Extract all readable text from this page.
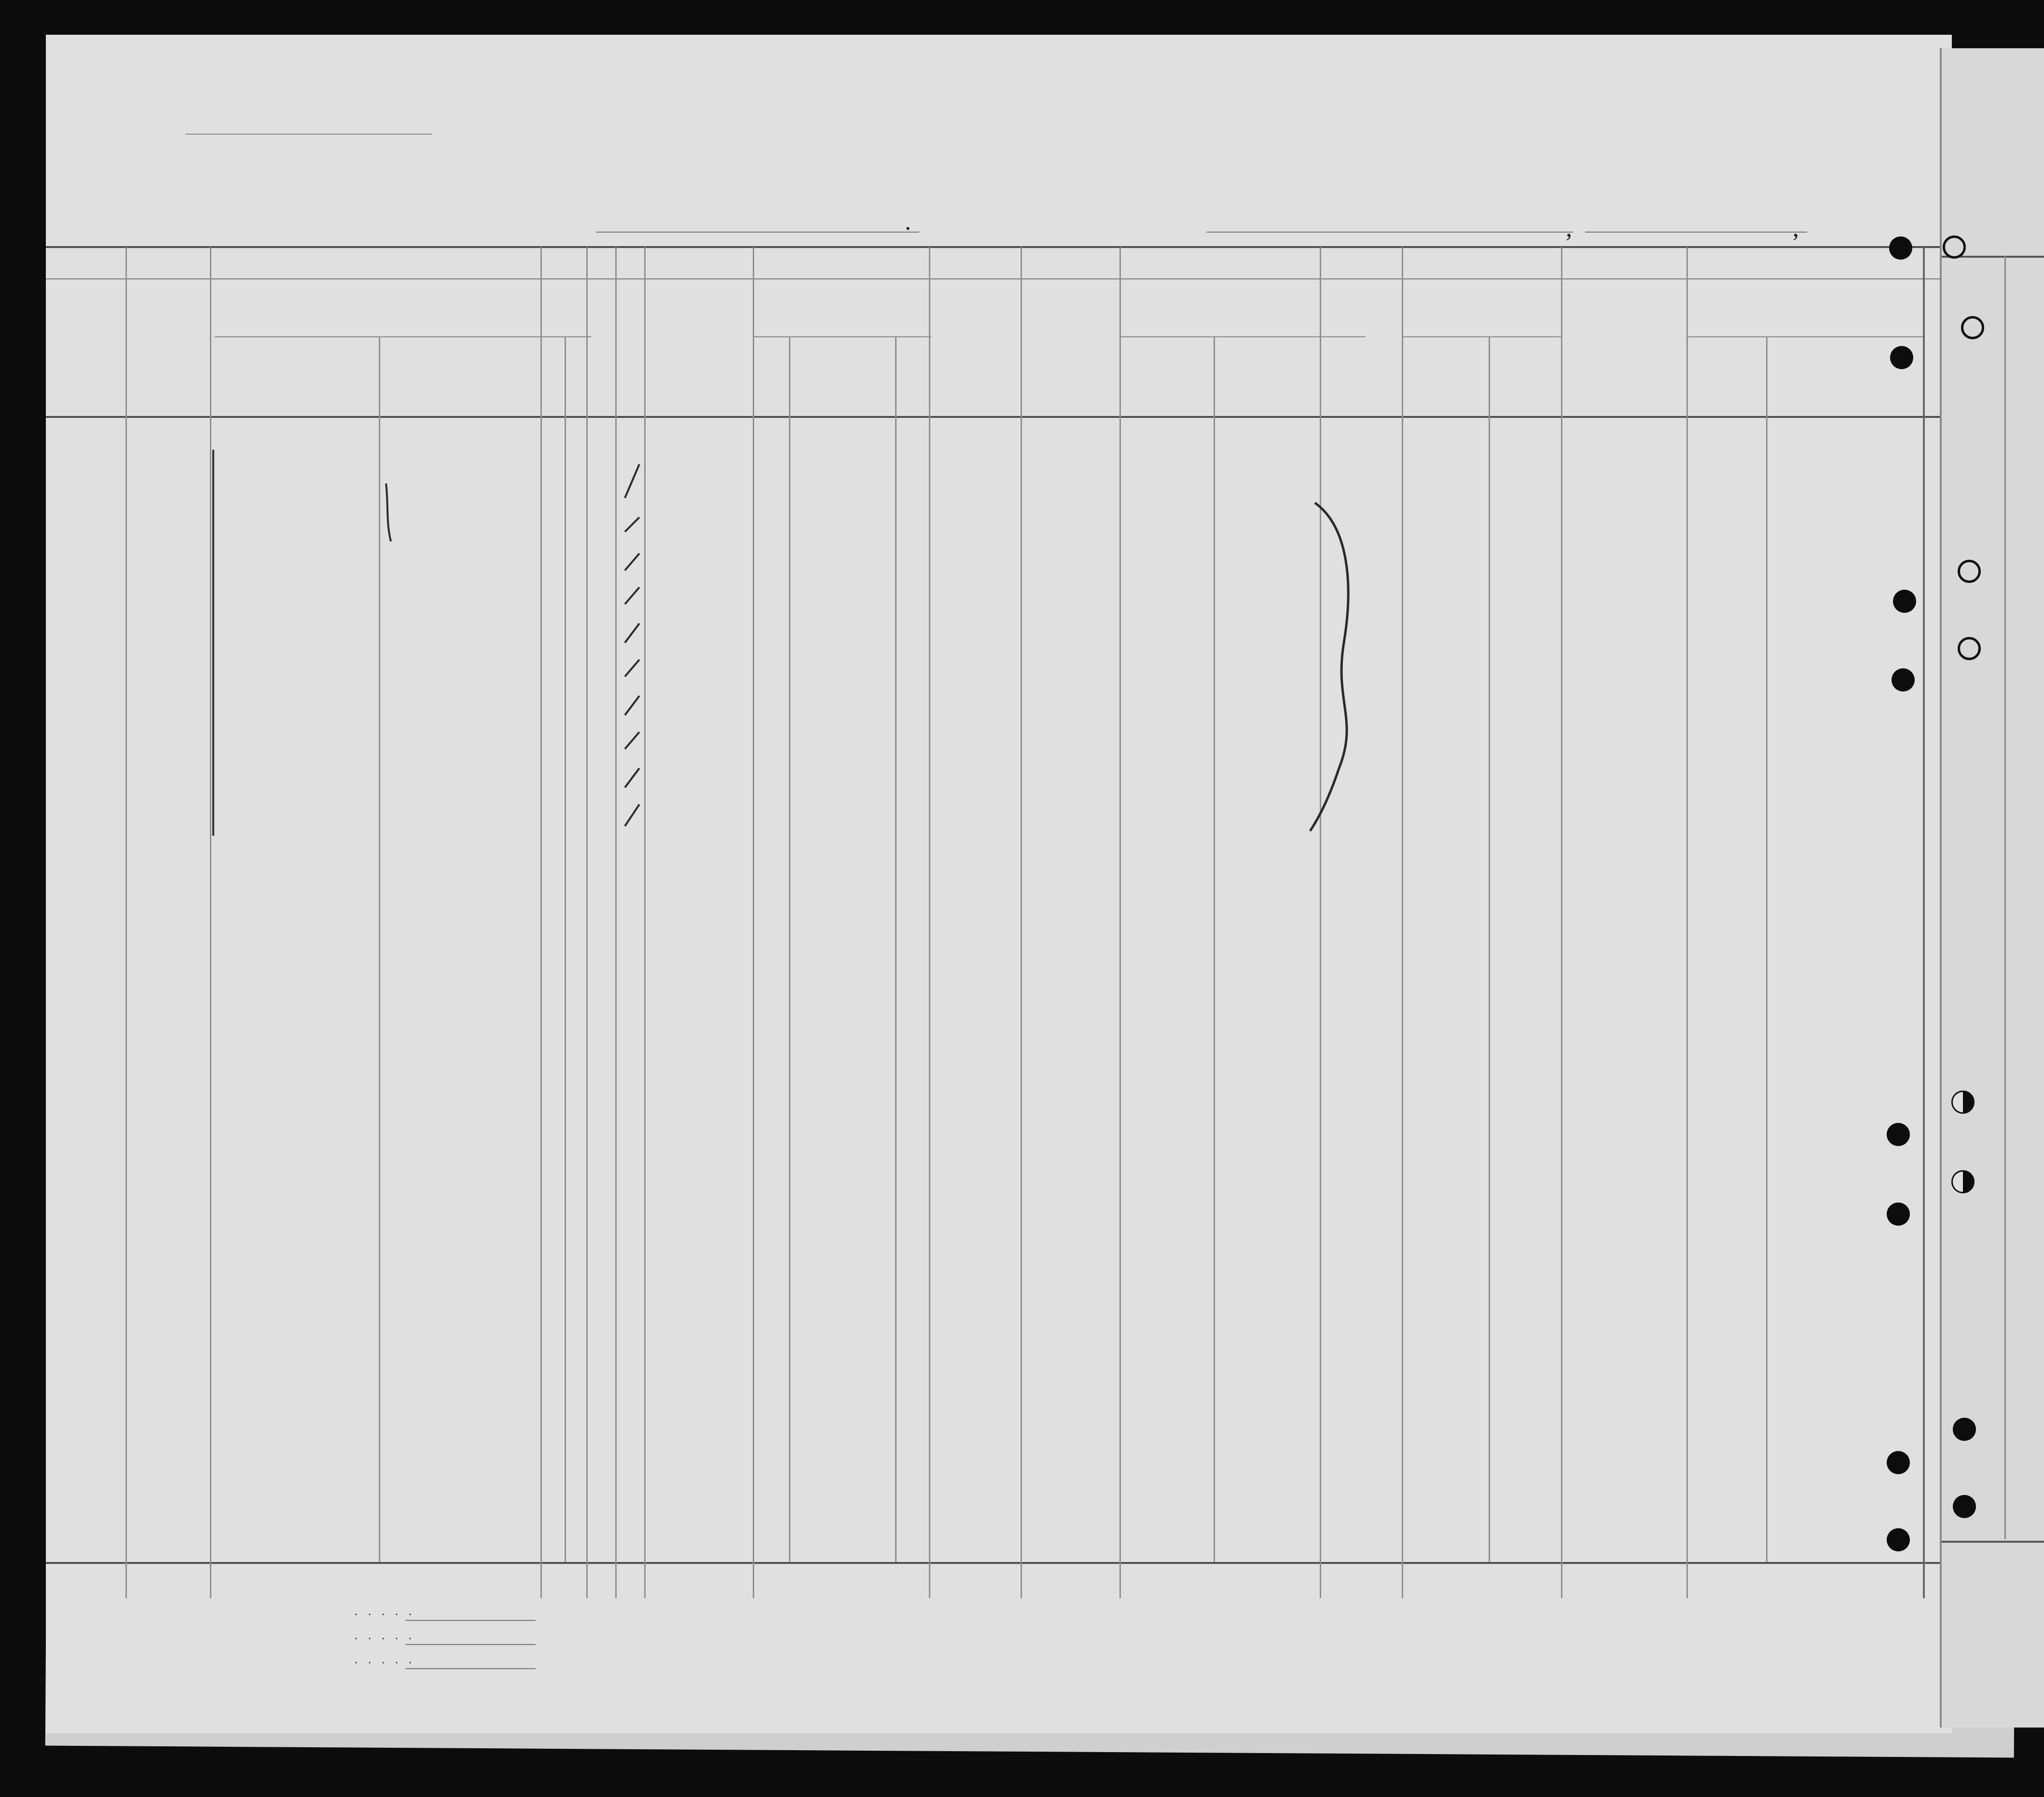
.	,	,
. . . . .
. . . . .
. . . . .
